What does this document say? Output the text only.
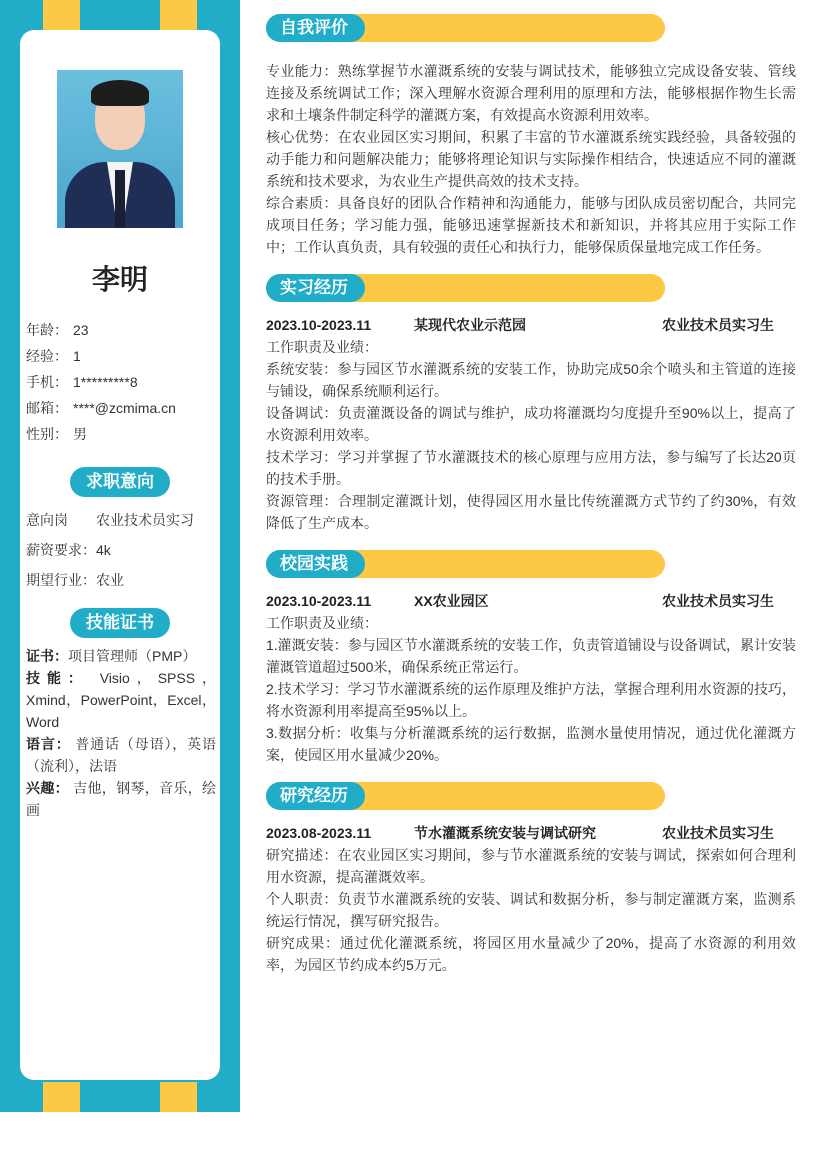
李明
年龄： 23
经验： 1
手机： 1*********8
邮箱： ****@zcmima.cn
性别： 男
求职意向
意向岗	农业技术员实习
薪资要求： 4k
期望行业： 农业
技能证书
证书：项目管理师（PMP）
技能： Visio，SPSS，Xmind，PowerPoint，Excel，Word
语言： 普通话（母语），英语（流利），法语
兴趣： 吉他，钢琴，音乐，绘画
自我评价
专业能力：熟练掌握节水灌溉系统的安装与调试技术，能够独立完成设备安装、管线连接及系统调试工作；深入理解水资源合理利用的原理和方法，能够根据作物生长需求和土壤条件制定科学的灌溉方案，有效提高水资源利用效率。
核心优势：在农业园区实习期间，积累了丰富的节水灌溉系统实践经验，具备较强的动手能力和问题解决能力；能够将理论知识与实际操作相结合，快速适应不同的灌溉系统和技术要求，为农业生产提供高效的技术支持。
综合素质：具备良好的团队合作精神和沟通能力，能够与团队成员密切配合，共同完成项目任务；学习能力强，能够迅速掌握新技术和新知识，并将其应用于实际工作中；工作认真负责，具有较强的责任心和执行力，能够保质保量地完成工作任务。
实习经历
2023.10-2023.11	某现代农业示范园	农业技术员实习生
工作职责及业绩：
系统安装：参与园区节水灌溉系统的安装工作，协助完成50余个喷头和主管道的连接与铺设，确保系统顺利运行。
设备调试：负责灌溉设备的调试与维护，成功将灌溉均匀度提升至90%以上，提高了水资源利用效率。
技术学习：学习并掌握了节水灌溉技术的核心原理与应用方法，参与编写了长达20页的技术手册。
资源管理：合理制定灌溉计划，使得园区用水量比传统灌溉方式节约了约30%，有效降低了生产成本。
校园实践
2023.10-2023.11	XX农业园区	农业技术员实习生
工作职责及业绩：
1.灌溉安装：参与园区节水灌溉系统的安装工作，负责管道铺设与设备调试，累计安装灌溉管道超过500米，确保系统正常运行。
2.技术学习：学习节水灌溉系统的运作原理及维护方法，掌握合理利用水资源的技巧，将水资源利用率提高至95%以上。
3.数据分析：收集与分析灌溉系统的运行数据，监测水量使用情况，通过优化灌溉方案，使园区用水量减少20%。
研究经历
2023.08-2023.11	节水灌溉系统安装与调试研究	农业技术员实习生
研究描述：在农业园区实习期间，参与节水灌溉系统的安装与调试，探索如何合理利用水资源，提高灌溉效率。
个人职责：负责节水灌溉系统的安装、调试和数据分析，参与制定灌溉方案，监测系统运行情况，撰写研究报告。
研究成果：通过优化灌溉系统，将园区用水量减少了20%，提高了水资源的利用效率，为园区节约成本约5万元。
